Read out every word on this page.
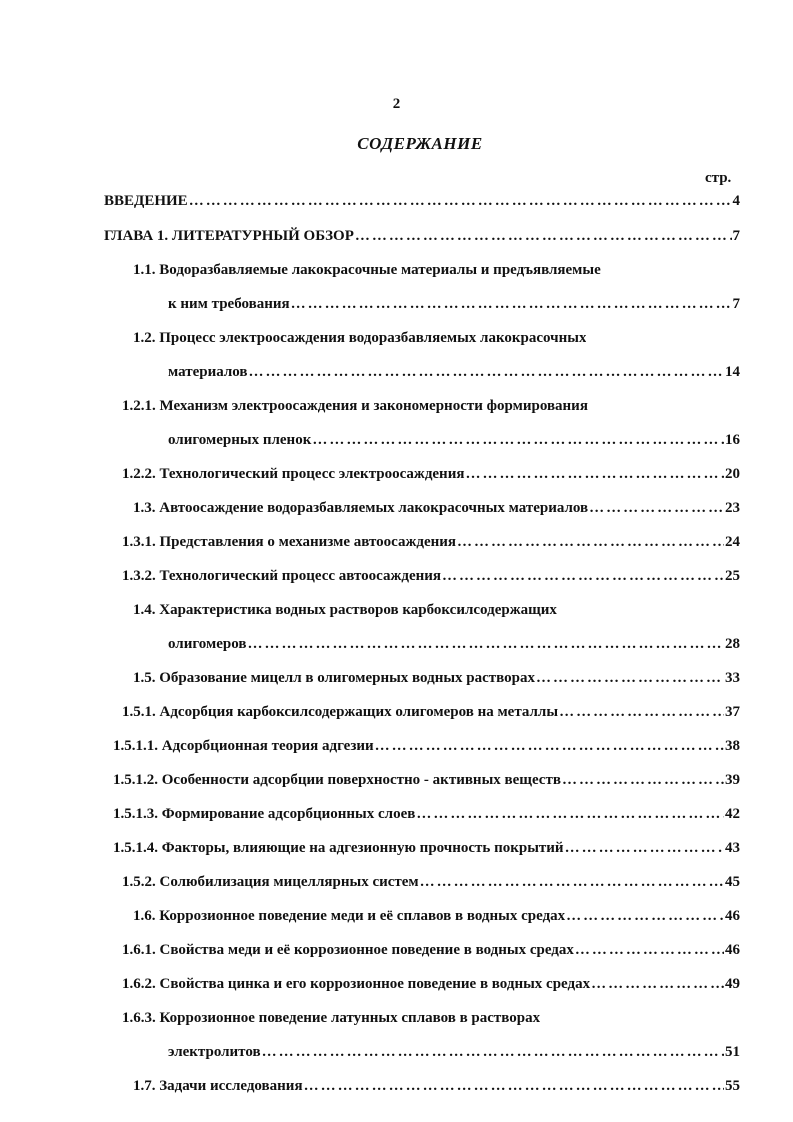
2
СОДЕРЖАНИЕ
стр.
ВВЕДЕНИЕ ……………………………………………………………………………………………………………………………	4
ГЛАВА 1. ЛИТЕРАТУРНЫЙ ОБЗОР ……………………………………………………………………………………………………………………………	7
1.1. Водоразбавляемые лакокрасочные материалы и предъявляемые
к ним требования ……………………………………………………………………………………………………………………………	7
1.2. Процесс электроосаждения водоразбавляемых лакокрасочных
материалов ……………………………………………………………………………………………………………………………	14
1.2.1. Механизм электроосаждения и закономерности формирования
олигомерных пленок ……………………………………………………………………………………………………………………………	16
1.2.2. Технологический процесс электроосаждения ……………………………………………………………………………………………………………………………	20
1.3. Автоосаждение водоразбавляемых лакокрасочных материалов ……………………………………………………………………………………………………………………………	23
1.3.1. Представления о механизме автоосаждения ……………………………………………………………………………………………………………………………	24
1.3.2. Технологический процесс автоосаждения ……………………………………………………………………………………………………………………………	25
1.4. Характеристика водных растворов карбоксилсодержащих
олигомеров ……………………………………………………………………………………………………………………………	28
1.5. Образование мицелл в олигомерных водных растворах ……………………………………………………………………………………………………………………………	33
1.5.1. Адсорбция карбоксилсодержащих олигомеров на металлы ……………………………………………………………………………………………………………………………	37
1.5.1.1. Адсорбционная теория адгезии ……………………………………………………………………………………………………………………………	38
1.5.1.2. Особенности адсорбции поверхностно - активных веществ ……………………………………………………………………………………………………………………………	39
1.5.1.3. Формирование адсорбционных слоев ……………………………………………………………………………………………………………………………	42
1.5.1.4. Факторы, влияющие на адгезионную прочность покрытий ……………………………………………………………………………………………………………………………	43
1.5.2. Солюбилизация мицеллярных систем ……………………………………………………………………………………………………………………………	45
1.6. Коррозионное поведение меди и её сплавов в водных средах ……………………………………………………………………………………………………………………………	46
1.6.1. Свойства меди и её коррозионное поведение в водных средах ……………………………………………………………………………………………………………………………	46
1.6.2. Свойства цинка и его коррозионное поведение в водных средах ……………………………………………………………………………………………………………………………	49
1.6.3. Коррозионное поведение латунных сплавов в растворах
электролитов ……………………………………………………………………………………………………………………………	51
1.7. Задачи исследования ……………………………………………………………………………………………………………………………	55
